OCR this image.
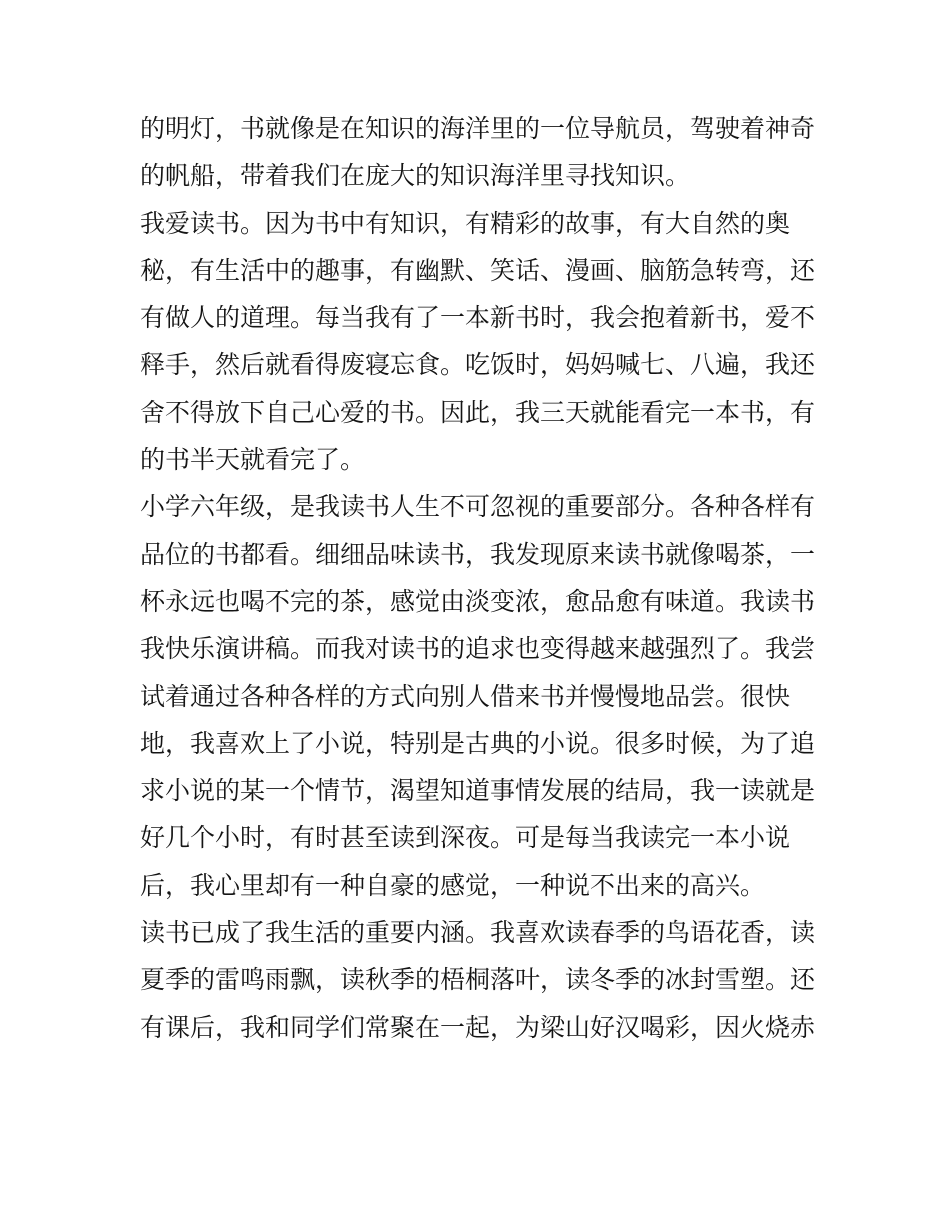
的明灯，书就像是在知识的海洋里的一位导航员，驾驶着神奇
的帆船，带着我们在庞大的知识海洋里寻找知识。
我爱读书。因为书中有知识，有精彩的故事，有大自然的奥
秘，有生活中的趣事，有幽默、笑话、漫画、脑筋急转弯，还
有做人的道理。每当我有了一本新书时，我会抱着新书，爱不
释手，然后就看得废寝忘食。吃饭时，妈妈喊七、八遍，我还
舍不得放下自己心爱的书。因此，我三天就能看完一本书，有
的书半天就看完了。
小学六年级，是我读书人生不可忽视的重要部分。各种各样有
品位的书都看。细细品味读书，我发现原来读书就像喝茶，一
杯永远也喝不完的茶，感觉由淡变浓，愈品愈有味道。我读书
我快乐演讲稿。而我对读书的追求也变得越来越强烈了。我尝
试着通过各种各样的方式向别人借来书并慢慢地品尝。很快
地，我喜欢上了小说，特别是古典的小说。很多时候，为了追
求小说的某一个情节，渴望知道事情发展的结局，我一读就是
好几个小时，有时甚至读到深夜。可是每当我读完一本小说
后，我心里却有一种自豪的感觉，一种说不出来的高兴。
读书已成了我生活的重要内涵。我喜欢读春季的鸟语花香，读
夏季的雷鸣雨飘，读秋季的梧桐落叶，读冬季的冰封雪塑。还
有课后，我和同学们常聚在一起，为梁山好汉喝彩，因火烧赤
